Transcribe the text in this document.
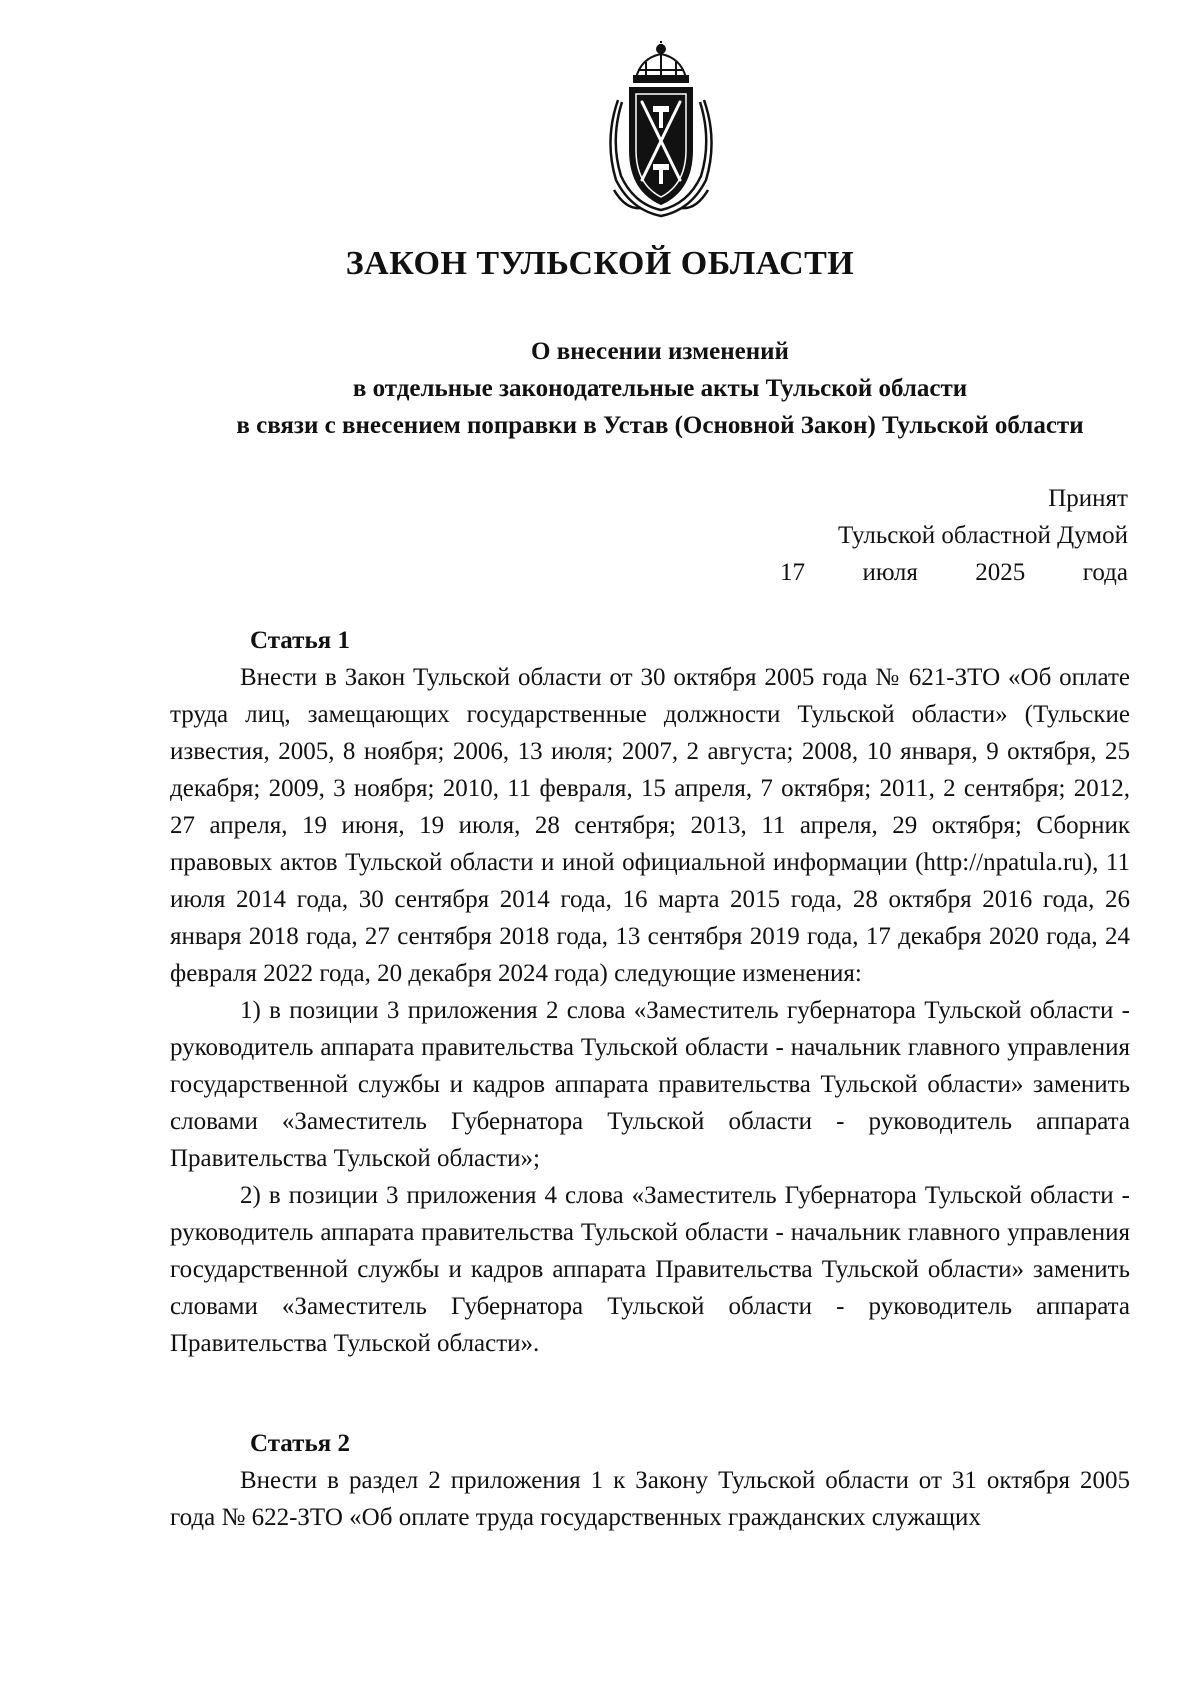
ЗАКОН ТУЛЬСКОЙ ОБЛАСТИ
О внесении изменений
в отдельные законодательные акты Тульской области
в связи с внесением поправки в Устав (Основной Закон) Тульской области
Принят
Тульской областной Думой
17 июля 2025 года

Статья 1

Внести в Закон Тульской области от 30 октября 2005 года № 621-ЗТО «Об оплате труда лиц, замещающих государственные должности Тульской области» (Тульские известия, 2005, 8 ноября; 2006, 13 июля; 2007, 2 августа; 2008, 10 января, 9 октября, 25 декабря; 2009, 3 ноября; 2010, 11 февраля, 15 апреля, 7 октября; 2011, 2 сентября; 2012, 27 апреля, 19 июня, 19 июля, 28 сентября; 2013, 11 апреля, 29 октября; Сборник правовых актов Тульской области и иной официальной информации (http://npatula.ru), 11 июля 2014 года, 30 сентября 2014 года, 16 марта 2015 года, 28 октября 2016 года, 26 января 2018 года, 27 сентября 2018 года, 13 сентября 2019 года, 17 декабря 2020 года, 24 февраля 2022 года, 20 декабря 2024 года) следующие изменения:

1) в позиции 3 приложения 2 слова «Заместитель губернатора Тульской области - руководитель аппарата правительства Тульской области - начальник главного управления государственной службы и кадров аппарата правительства Тульской области» заменить словами «Заместитель Губернатора Тульской области - руководитель аппарата Правительства Тульской области»;

2) в позиции 3 приложения 4 слова «Заместитель Губернатора Тульской области - руководитель аппарата правительства Тульской области - начальник главного управления государственной службы и кадров аппарата Правительства Тульской области» заменить словами «Заместитель Губернатора Тульской области - руководитель аппарата Правительства Тульской области».

Статья 2

Внести в раздел 2 приложения 1 к Закону Тульской области от 31 октября 2005 года № 622-ЗТО «Об оплате труда государственных гражданских служащих
